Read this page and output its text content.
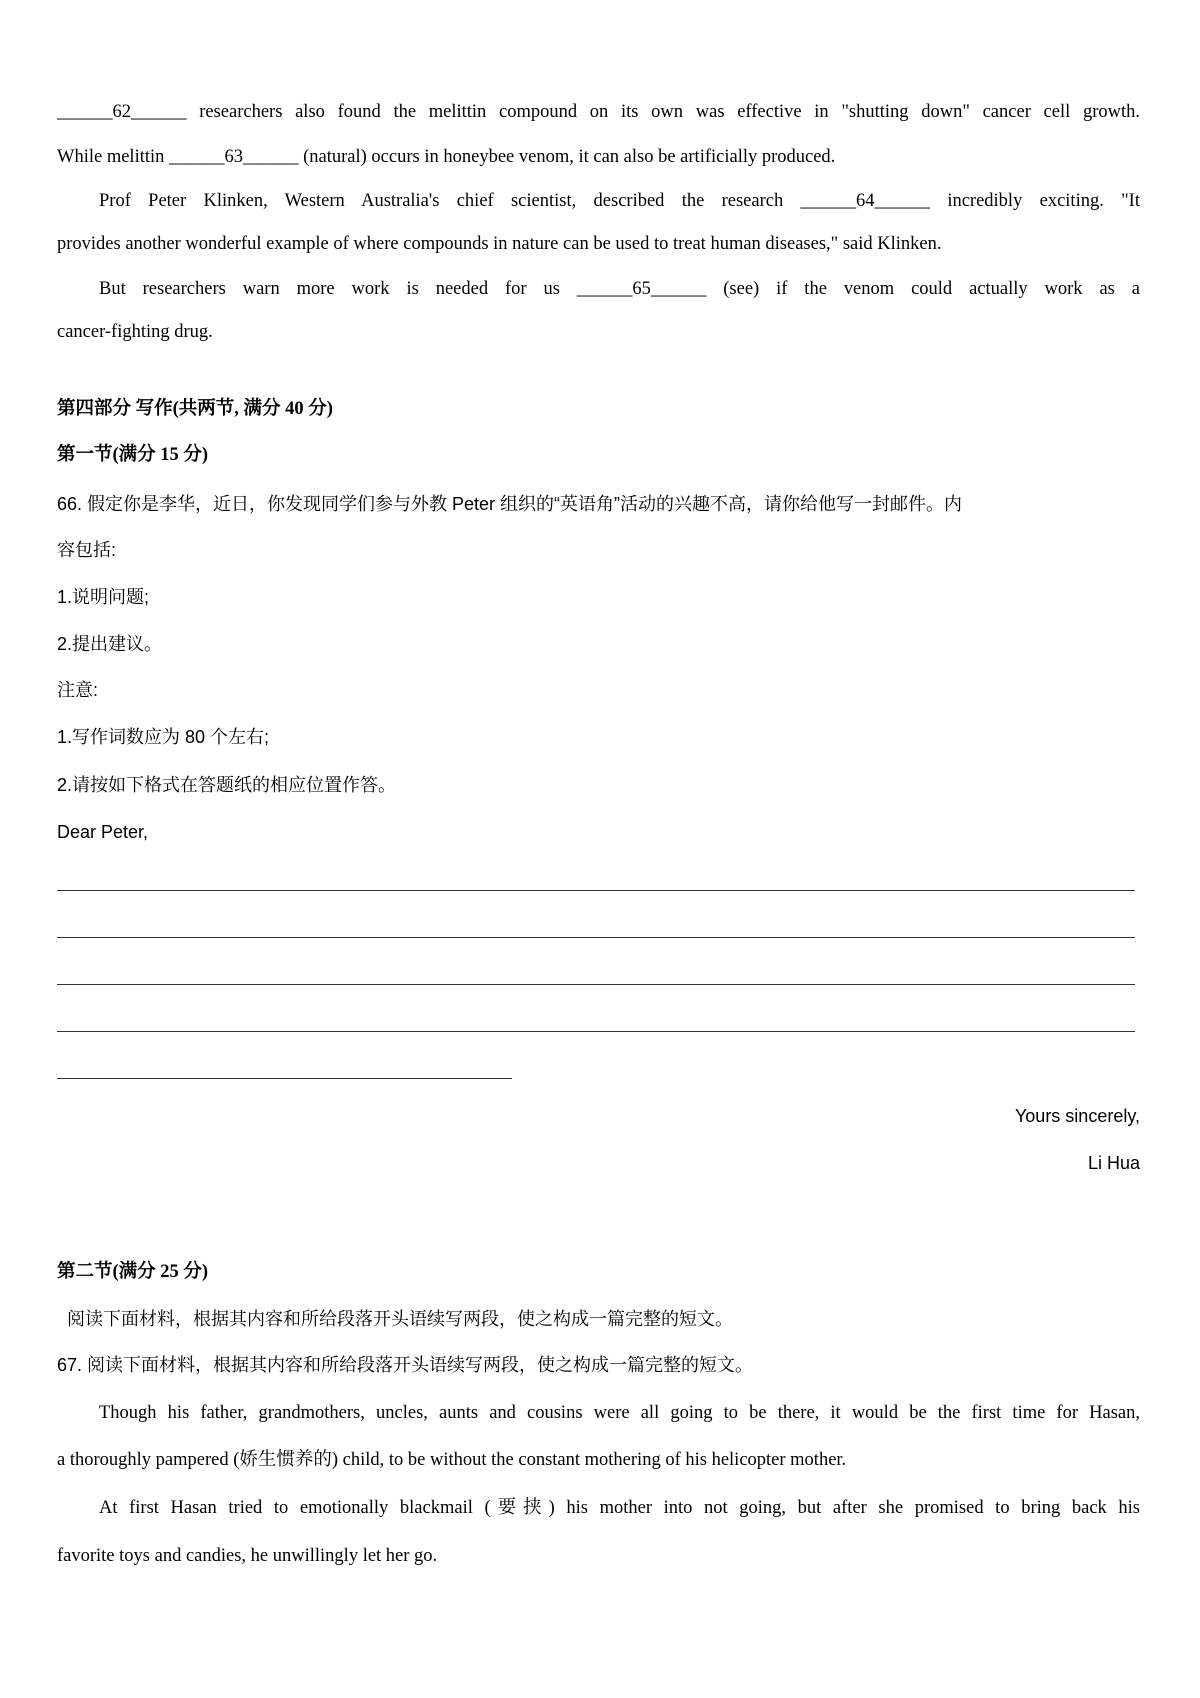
______62______ researchers also found the melittin compound on its own was effective in "shutting down" cancer cell growth.
While melittin ______63______ (natural) occurs in honeybee venom, it can also be artificially produced.
Prof Peter Klinken, Western Australia's chief scientist, described the research ______64______ incredibly exciting. "It
provides another wonderful example of where compounds in nature can be used to treat human diseases," said Klinken.
But researchers warn more work is needed for us ______65______ (see) if the venom could actually work as a
cancer-fighting drug.
第四部分 写作(共两节, 满分 40 分)
第一节(满分 15 分)
66. 假定你是李华，近日，你发现同学们参与外教 Peter 组织的“英语角”活动的兴趣不高，请你给他写一封邮件。内
容包括:
1.说明问题;
2.提出建议。
注意:
1.写作词数应为 80 个左右;
2.请按如下格式在答题纸的相应位置作答。
Dear Peter,
Yours sincerely,
Li Hua
第二节(满分 25 分)
阅读下面材料，根据其内容和所给段落开头语续写两段，使之构成一篇完整的短文。
67. 阅读下面材料，根据其内容和所给段落开头语续写两段，使之构成一篇完整的短文。
Though his father, grandmothers, uncles, aunts and cousins were all going to be there, it would be the first time for Hasan,
a thoroughly pampered (娇生惯养的) child, to be without the constant mothering of his helicopter mother.
At first Hasan tried to emotionally blackmail (要挟) his mother into not going, but after she promised to bring back his
favorite toys and candies, he unwillingly let her go.
